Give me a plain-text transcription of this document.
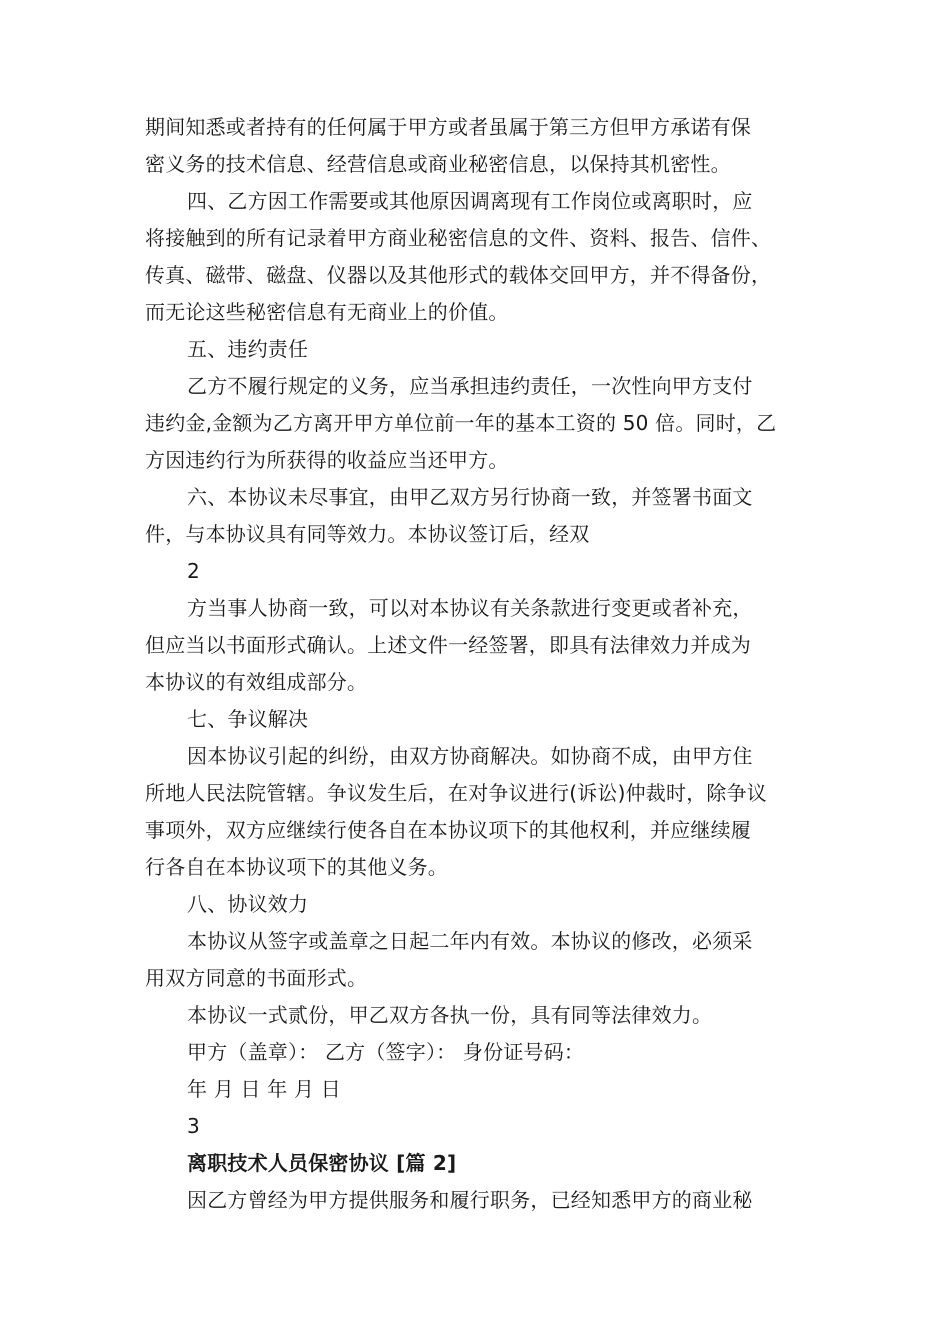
期间知悉或者持有的任何属于甲方或者虽属于第三方但甲方承诺有保
密义务的技术信息、经营信息或商业秘密信息，以保持其机密性。
四、乙方因工作需要或其他原因调离现有工作岗位或离职时，应
将接触到的所有记录着甲方商业秘密信息的文件、资料、报告、信件、
传真、磁带、磁盘、仪器以及其他形式的载体交回甲方，并不得备份，
而无论这些秘密信息有无商业上的价值。
五、违约责任
乙方不履行规定的义务，应当承担违约责任，一次性向甲方支付
违约金,金额为乙方离开甲方单位前一年的基本工资的 50 倍。同时，乙
方因违约行为所获得的收益应当还甲方。
六、本协议未尽事宜，由甲乙双方另行协商一致，并签署书面文
件，与本协议具有同等效力。本协议签订后，经双
2
方当事人协商一致，可以对本协议有关条款进行变更或者补充，
但应当以书面形式确认。上述文件一经签署，即具有法律效力并成为
本协议的有效组成部分。
七、争议解决
因本协议引起的纠纷，由双方协商解决。如协商不成，由甲方住
所地人民法院管辖。争议发生后，在对争议进行(诉讼)仲裁时，除争议
事项外，双方应继续行使各自在本协议项下的其他权利，并应继续履
行各自在本协议项下的其他义务。
八、协议效力
本协议从签字或盖章之日起二年内有效。本协议的修改，必须采
用双方同意的书面形式。
本协议一式贰份，甲乙双方各执一份，具有同等法律效力。
甲方（盖章）： 乙方（签字）： 身份证号码：
年 月 日 年 月 日
3
离职技术人员保密协议 [篇 2]
因乙方曾经为甲方提供服务和履行职务，已经知悉甲方的商业秘
